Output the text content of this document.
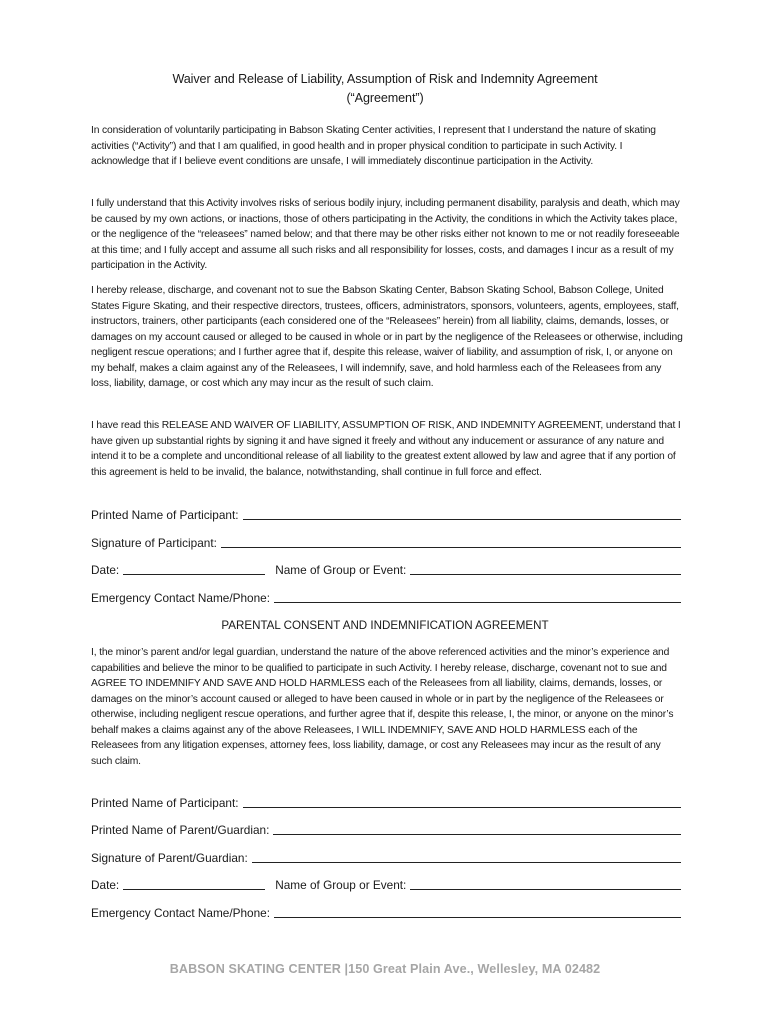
Waiver and Release of Liability, Assumption of Risk and Indemnity Agreement
(“Agreement”)

In consideration of voluntarily participating in Babson Skating Center activities, I represent that I understand the nature of skating activities (“Activity”) and that I am qualified, in good health and in proper physical condition to participate in such Activity. I acknowledge that if I believe event conditions are unsafe, I will immediately discontinue participation in the Activity.

I fully understand that this Activity involves risks of serious bodily injury, including permanent disability, paralysis and death, which may be caused by my own actions, or inactions, those of others participating in the Activity, the conditions in which the Activity takes place, or the negligence of the “releasees” named below; and that there may be other risks either not known to me or not readily foreseeable at this time; and I fully accept and assume all such risks and all responsibility for losses, costs, and damages I incur as a result of my participation in the Activity.

I hereby release, discharge, and covenant not to sue the Babson Skating Center, Babson Skating School, Babson College, United States Figure Skating, and their respective directors, trustees, officers, administrators, sponsors, volunteers, agents, employees, staff, instructors, trainers, other participants (each considered one of the “Releasees” herein) from all liability, claims, demands, losses, or damages on my account caused or alleged to be caused in whole or in part by the negligence of the Releasees or otherwise, including negligent rescue operations; and I further agree that if, despite this release, waiver of liability, and assumption of risk, I, or anyone on my behalf, makes a claim against any of the Releasees, I will indemnify, save, and hold harmless each of the Releasees from any loss, liability, damage, or cost which any may incur as the result of such claim.

I have read this RELEASE AND WAIVER OF LIABILITY, ASSUMPTION OF RISK, AND INDEMNITY AGREEMENT, understand that I have given up substantial rights by signing it and have signed it freely and without any inducement or assurance of any nature and intend it to be a complete and unconditional release of all liability to the greatest extent allowed by law and agree that if any portion of this agreement is held to be invalid, the balance, notwithstanding, shall continue in full force and effect.

Printed Name of Participant:
Signature of Participant:
Date:	Name of Group or Event:
Emergency Contact Name/Phone:
PARENTAL CONSENT AND INDEMNIFICATION AGREEMENT

I, the minor’s parent and/or legal guardian, understand the nature of the above referenced activities and the minor’s experience and capabilities and believe the minor to be qualified to participate in such Activity. I hereby release, discharge, covenant not to sue and AGREE TO INDEMNIFY AND SAVE AND HOLD HARMLESS each of the Releasees from all liability, claims, demands, losses, or damages on the minor’s account caused or alleged to have been caused in whole or in part by the negligence of the Releasees or otherwise, including negligent rescue operations, and further agree that if, despite this release, I, the minor, or anyone on the minor’s behalf makes a claims against any of the above Releasees, I WILL INDEMNIFY, SAVE AND HOLD HARMLESS each of the Releasees from any litigation expenses, attorney fees, loss liability, damage, or cost any Releasees may incur as the result of any such claim.

Printed Name of Participant:
Printed Name of Parent/Guardian:
Signature of Parent/Guardian:
Date:	Name of Group or Event:
Emergency Contact Name/Phone:
BABSON SKATING CENTER |150 Great Plain Ave., Wellesley, MA 02482
